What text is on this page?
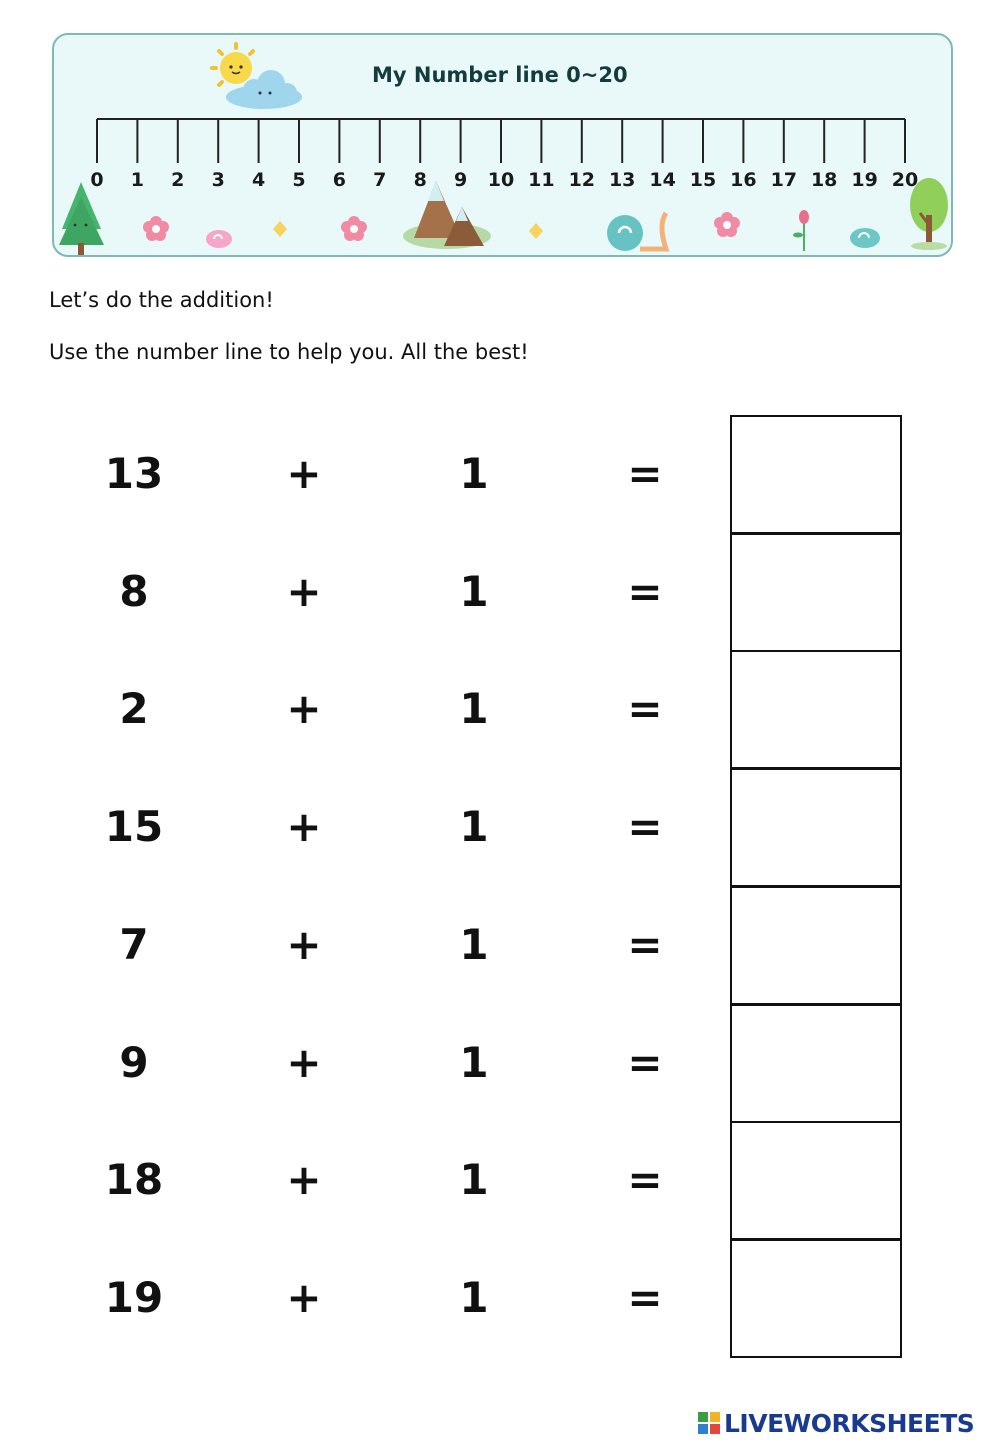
My Number line 0~20
0	1	2	3	4	5	6	7	8	9	10 11 12 13 14 15 16 17 18 19 20
Let’s do the addition!
Use the number line to help you. All the best!
13	+	1	=
8	+	1	=
2	+	1	=
15	+	1	=
7	+	1	=
9	+	1	=
18	+	1	=
19	+	1	=
LIVEWORKSHEETS
